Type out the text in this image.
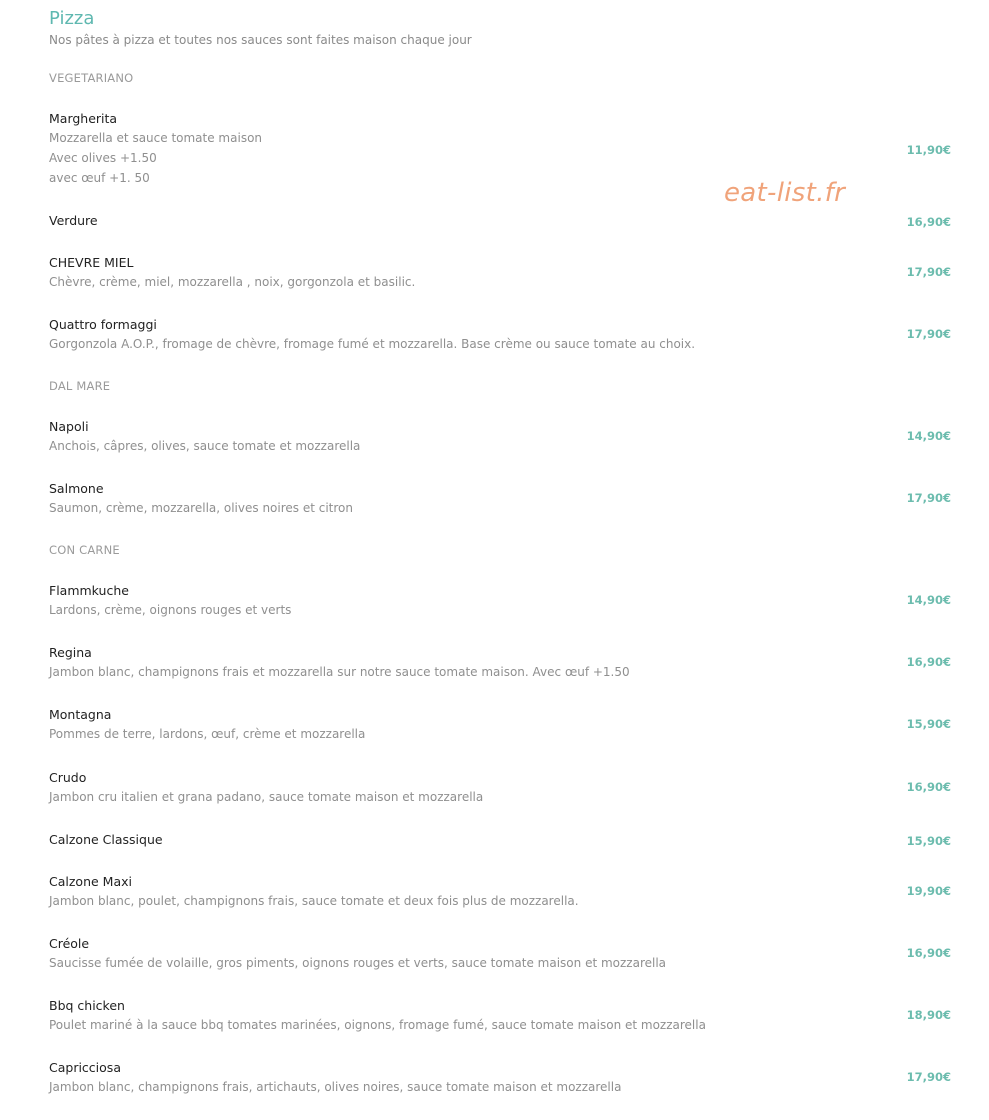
Pizza
Nos pâtes à pizza et toutes nos sauces sont faites maison chaque jour
VEGETARIANO
Margherita
Mozzarella et sauce tomate maison
Avec olives +1.50
avec œuf +1. 50
11,90€
Verdure	16,90€
CHEVRE MIEL
Chèvre, crème, miel, mozzarella , noix, gorgonzola et basilic.
17,90€
Quattro formaggi
Gorgonzola A.O.P., fromage de chèvre, fromage fumé et mozzarella. Base crème ou sauce tomate au choix.
17,90€
DAL MARE
Napoli
Anchois, câpres, olives, sauce tomate et mozzarella
14,90€
Salmone
Saumon, crème, mozzarella, olives noires et citron
17,90€
CON CARNE
Flammkuche
Lardons, crème, oignons rouges et verts
14,90€
Regina
Jambon blanc, champignons frais et mozzarella sur notre sauce tomate maison. Avec œuf +1.50
16,90€
Montagna
Pommes de terre, lardons, œuf, crème et mozzarella
15,90€
Crudo
Jambon cru italien et grana padano, sauce tomate maison et mozzarella
16,90€
Calzone Classique	15,90€
Calzone Maxi
Jambon blanc, poulet, champignons frais, sauce tomate et deux fois plus de mozzarella.
19,90€
Créole
Saucisse fumée de volaille, gros piments, oignons rouges et verts, sauce tomate maison et mozzarella
16,90€
Bbq chicken
Poulet mariné à la sauce bbq tomates marinées, oignons, fromage fumé, sauce tomate maison et mozzarella
18,90€
Capricciosa
Jambon blanc, champignons frais, artichauts, olives noires, sauce tomate maison et mozzarella
17,90€
eat-list.fr
